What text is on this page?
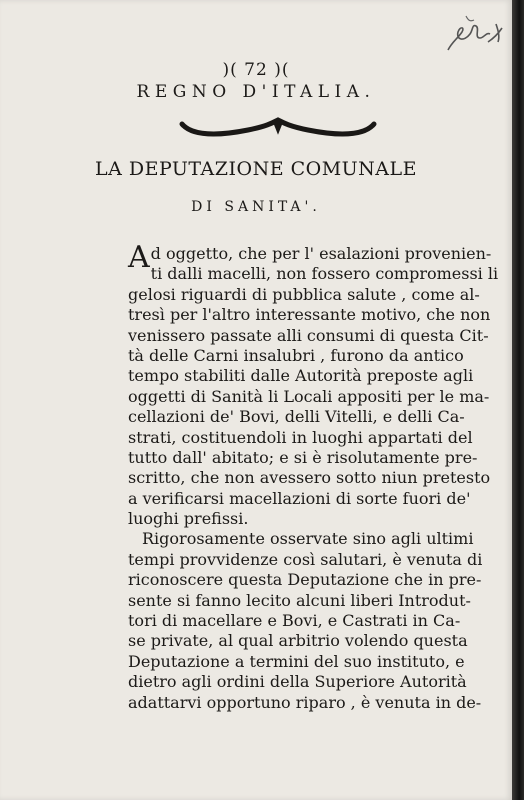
)( 72 )(
REGNO D'ITALIA.
LA DEPUTAZIONE COMUNALE
DI SANITA'.
A d oggetto, che per l' esalazioni provenien-
ti dalli macelli, non fossero compromessi li
gelosi riguardi di pubblica salute , come al-
tresì per l'altro interessante motivo, che non
venissero passate alli consumi di questa Cit-
tà delle Carni insalubri , furono da antico
tempo stabiliti dalle Autorità preposte agli
oggetti di Sanità li Locali appositi per le ma-
cellazioni de' Bovi, delli Vitelli, e delli Ca-
strati, costituendoli in luoghi appartati del
tutto dall' abitato; e si è risolutamente pre-
scritto, che non avessero sotto niun pretesto
a verificarsi macellazioni di sorte fuori de'
luoghi prefissi.
Rigorosamente osservate sino agli ultimi
tempi provvidenze così salutari, è venuta di
riconoscere questa Deputazione che in pre-
sente si fanno lecito alcuni liberi Introdut-
tori di macellare e Bovi, e Castrati in Ca-
se private, al qual arbitrio volendo questa
Deputazione a termini del suo instituto, e
dietro agli ordini della Superiore Autorità
adattarvi opportuno riparo , è venuta in de-
